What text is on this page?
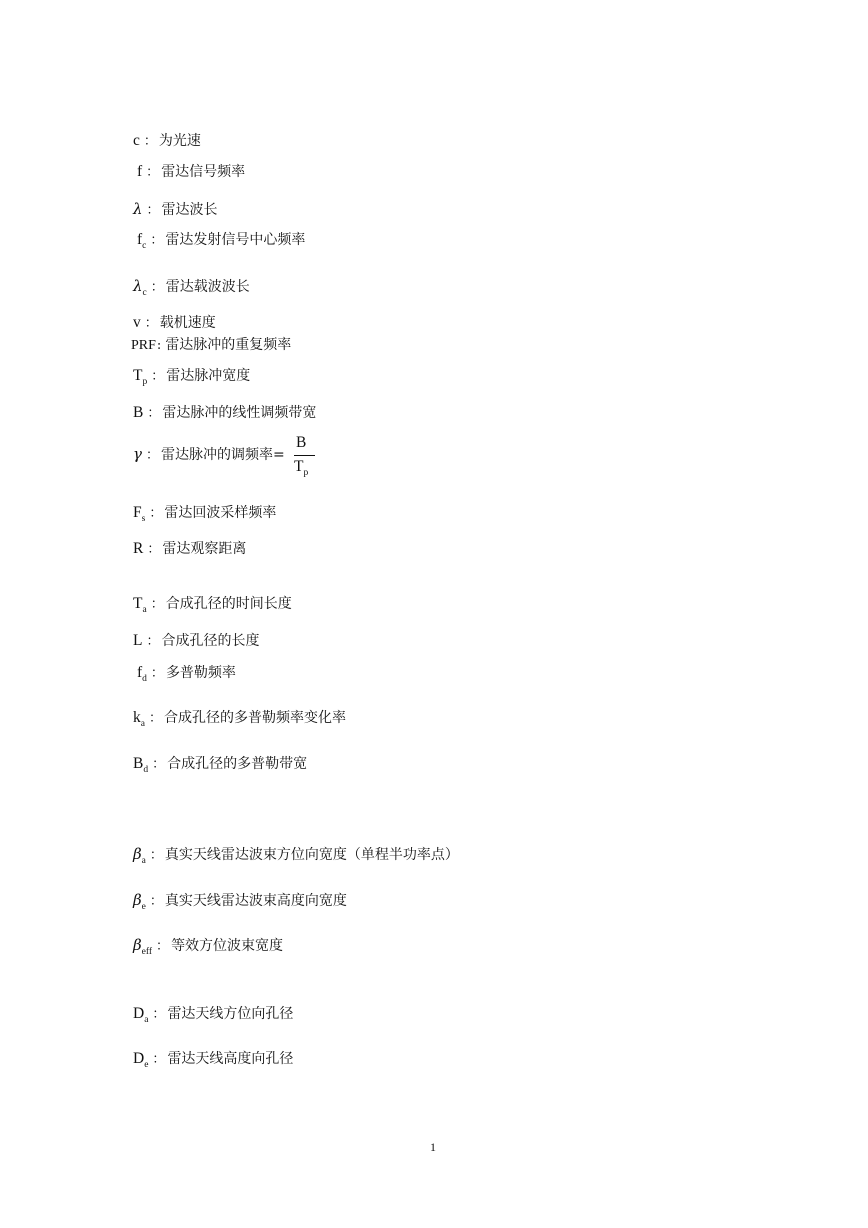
c ： 为光速
f ： 雷达信号频率
λ ： 雷达波长
$f_c$ ： 雷达发射信号中心频率
$\lambda_c$ ： 雷达载波波长
v ： 载机速度
PRF: 雷达脉冲的重复频率
$T_p$ ： 雷达脉冲宽度
B ： 雷达脉冲的线性调频带宽
γ ： 雷达脉冲的调频率=
B
$T_p$
$F_s$ ： 雷达回波采样频率
R ： 雷达观察距离
$T_a$ ： 合成孔径的时间长度
L ： 合成孔径的长度
$f_d$ ： 多普勒频率
$k_a$ ： 合成孔径的多普勒频率变化率
$B_d$ ： 合成孔径的多普勒带宽
$\beta_a$ ： 真实天线雷达波束方位向宽度（单程半功率点）
$\beta_e$ ： 真实天线雷达波束高度向宽度
$\beta_{eff}$ ： 等效方位波束宽度
$D_a$ ： 雷达天线方位向孔径
$D_e$ ： 雷达天线高度向孔径
1
